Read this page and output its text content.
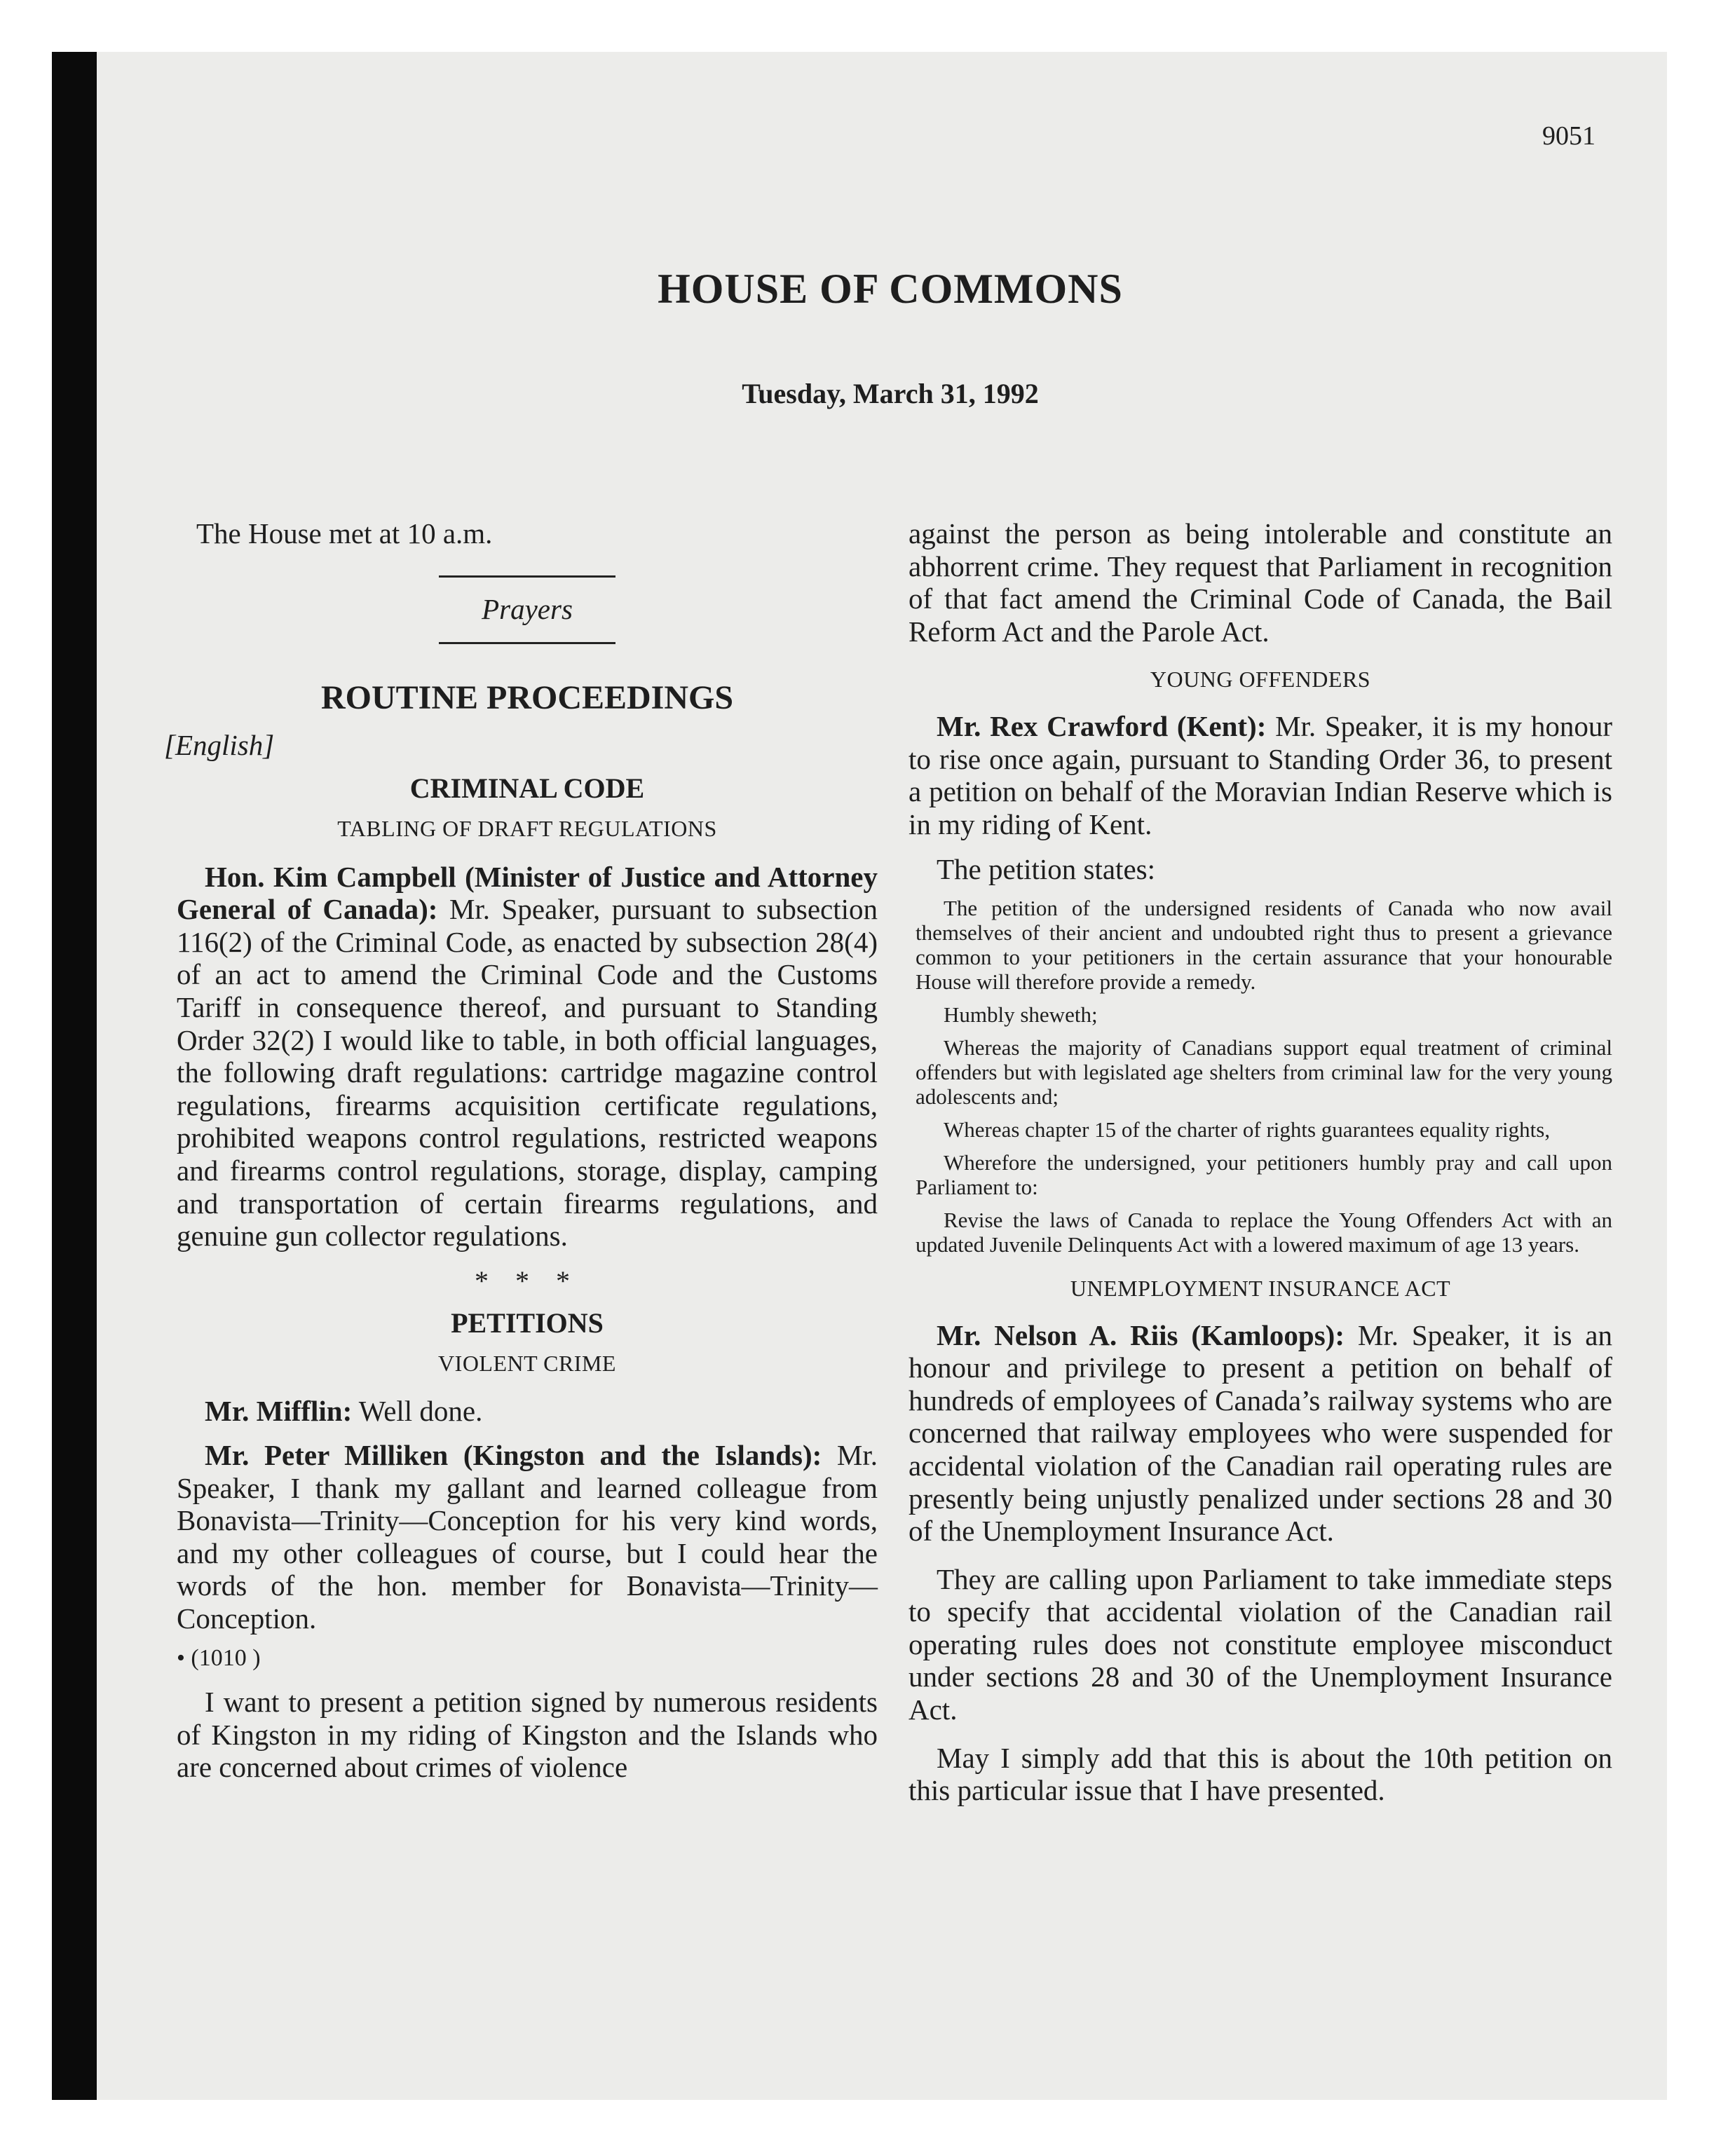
9051
HOUSE OF COMMONS
Tuesday, March 31, 1992

The House met at 10 a.m.

Prayers

ROUTINE PROCEEDINGS

[English]

CRIMINAL CODE

TABLING OF DRAFT REGULATIONS

Hon. Kim Campbell (Minister of Justice and Attorney General of Canada): Mr. Speaker, pursuant to subsection 116(2) of the Criminal Code, as enacted by subsection 28(4) of an act to amend the Criminal Code and the Customs Tariff in consequence thereof, and pursuant to Standing Order 32(2) I would like to table, in both official languages, the following draft regulations: cartridge magazine control regulations, firearms acquisition certificate regulations, prohibited weapons control regulations, restricted weapons and firearms control regulations, storage, display, camping and transportation of certain firearms regulations, and genuine gun collector regulations.

* * *

PETITIONS

VIOLENT CRIME

Mr. Mifflin: Well done.

Mr. Peter Milliken (Kingston and the Islands): Mr. Speaker, I thank my gallant and learned colleague from Bonavista—Trinity—Conception for his very kind words, and my other colleagues of course, but I could hear the words of the hon. member for Bonavista—Trinity—Conception.

• (1010 )

I want to present a petition signed by numerous residents of Kingston in my riding of Kingston and the Islands who are concerned about crimes of violence

against the person as being intolerable and constitute an abhorrent crime. They request that Parliament in recognition of that fact amend the Criminal Code of Canada, the Bail Reform Act and the Parole Act.

YOUNG OFFENDERS

Mr. Rex Crawford (Kent): Mr. Speaker, it is my honour to rise once again, pursuant to Standing Order 36, to present a petition on behalf of the Moravian Indian Reserve which is in my riding of Kent.

The petition states:

The petition of the undersigned residents of Canada who now avail themselves of their ancient and undoubted right thus to present a grievance common to your petitioners in the certain assurance that your honourable House will therefore provide a remedy.

Humbly sheweth;

Whereas the majority of Canadians support equal treatment of criminal offenders but with legislated age shelters from criminal law for the very young adolescents and;

Whereas chapter 15 of the charter of rights guarantees equality rights,

Wherefore the undersigned, your petitioners humbly pray and call upon Parliament to:

Revise the laws of Canada to replace the Young Offenders Act with an updated Juvenile Delinquents Act with a lowered maximum of age 13 years.

UNEMPLOYMENT INSURANCE ACT

Mr. Nelson A. Riis (Kamloops): Mr. Speaker, it is an honour and privilege to present a petition on behalf of hundreds of employees of Canada’s railway systems who are concerned that railway employees who were suspended for accidental violation of the Canadian rail operating rules are presently being unjustly penalized under sections 28 and 30 of the Unemployment Insurance Act.

They are calling upon Parliament to take immediate steps to specify that accidental violation of the Canadian rail operating rules does not constitute employee misconduct under sections 28 and 30 of the Unemployment Insurance Act.

May I simply add that this is about the 10th petition on this particular issue that I have presented.
